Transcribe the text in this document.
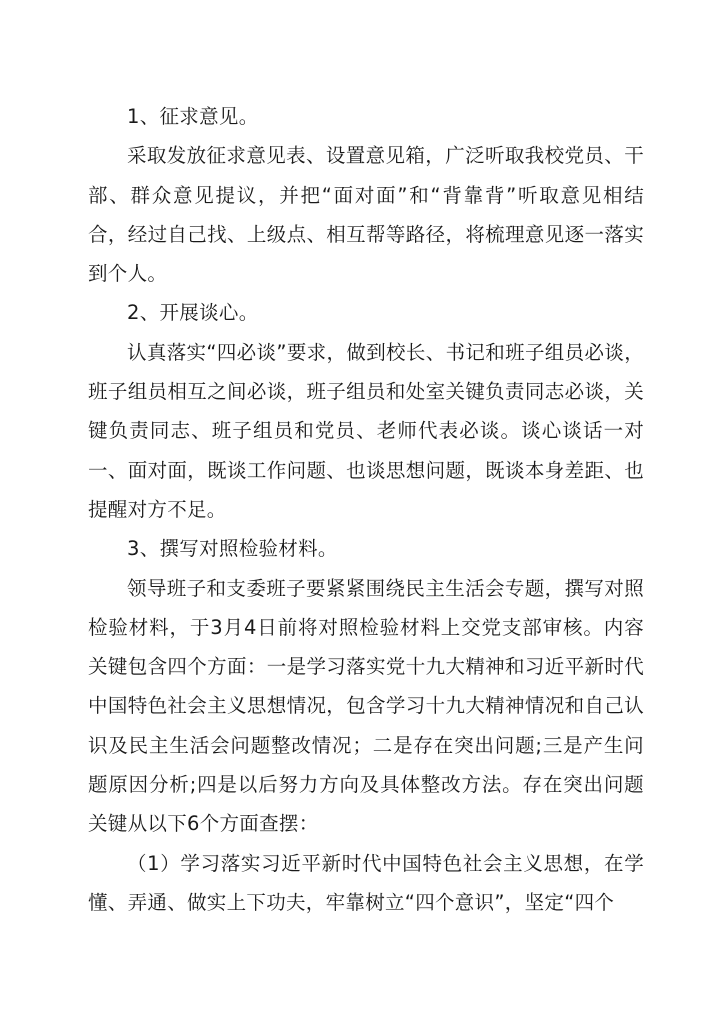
1、征求意见。

采取发放征求意见表、设置意见箱，广泛听取我校党员、干部、群众意见提议，并把“面对面”和“背靠背”听取意见相结合，经过自己找、上级点、相互帮等路径，将梳理意见逐一落实到个人。

2、开展谈心。

认真落实“四必谈”要求，做到校长、书记和班子组员必谈，班子组员相互之间必谈，班子组员和处室关键负责同志必谈，关键负责同志、班子组员和党员、老师代表必谈。谈心谈话一对一、面对面，既谈工作问题、也谈思想问题，既谈本身差距、也提醒对方不足。

3、撰写对照检验材料。

领导班子和支委班子要紧紧围绕民主生活会专题，撰写对照检验材料，于3月4日前将对照检验材料上交党支部审核。内容关键包含四个方面：一是学习落实党十九大精神和习近平新时代中国特色社会主义思想情况，包含学习十九大精神情况和自己认识及民主生活会问题整改情况；二是存在突出问题;三是产生问题原因分析;四是以后努力方向及具体整改方法。存在突出问题关键从以下6个方面查摆：

（1）学习落实习近平新时代中国特色社会主义思想，在学懂、弄通、做实上下功夫，牢靠树立“四个意识”，坚定“四个
